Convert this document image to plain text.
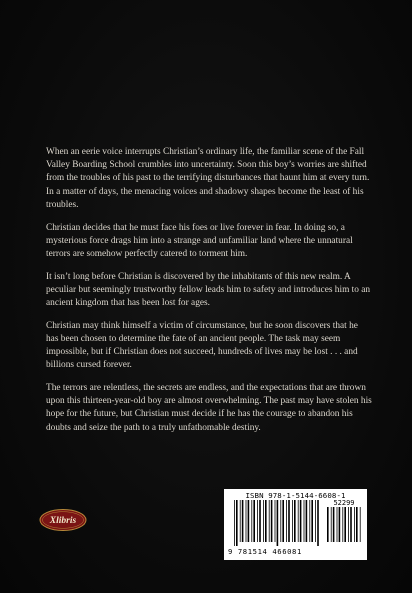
When an eerie voice interrupts Christian’s ordinary life, the familiar scene of the Fall Valley Boarding School crumbles into uncertainty. Soon this boy’s worries are shifted from the troubles of his past to the terrifying disturbances that haunt him at every turn. In a matter of days, the menacing voices and shadowy shapes become the least of his troubles.

Christian decides that he must face his foes or live forever in fear. In doing so, a mysterious force drags him into a strange and unfamiliar land where the unnatural terrors are somehow perfectly catered to torment him.

It isn’t long before Christian is discovered by the inhabitants of this new realm. A peculiar but seemingly trustworthy fellow leads him to safety and introduces him to an ancient kingdom that has been lost for ages.

Christian may think himself a victim of circumstance, but he soon discovers that he has been chosen to determine the fate of an ancient people. The task may seem impossible, but if Christian does not succeed, hundreds of lives may be lost . . . and billions cursed forever.

The terrors are relentless, the secrets are endless, and the expectations that are thrown upon this thirteen-year-old boy are almost overwhelming. The past may have stolen his hope for the future, but Christian must decide if he has the courage to abandon his doubts and seize the path to a truly unfathomable destiny.

Xlibris
ISBN 978-1-5144-6608-1
52299
9 781514 466081
